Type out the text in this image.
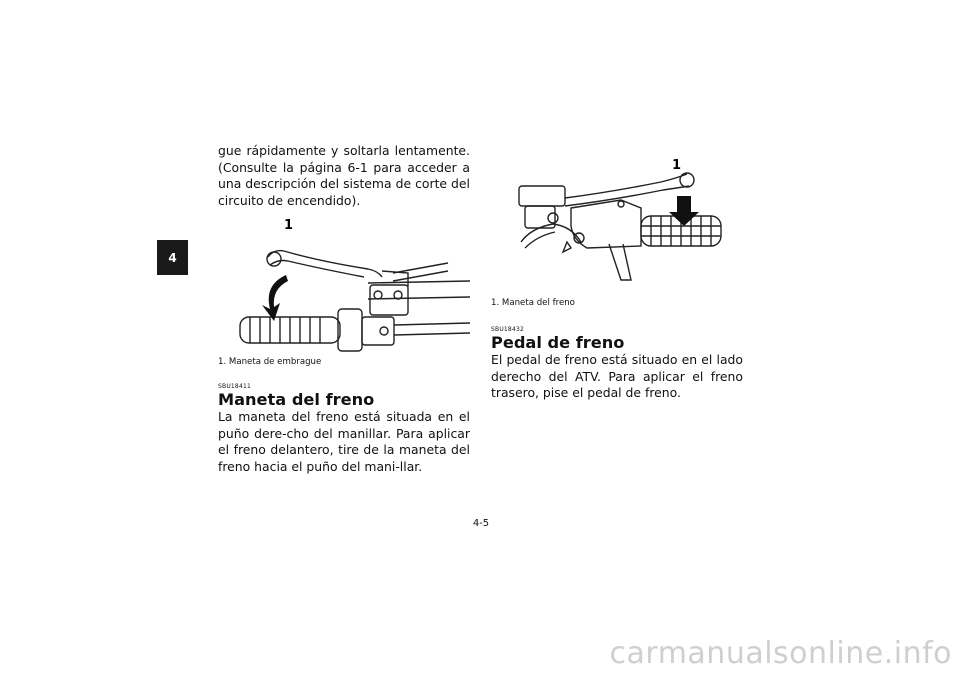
4

gue rápidamente y soltarla lentamente. (Consulte la página 6-1 para acceder a una descripción del sistema de corte del circuito de encendido).

1

1. Maneta de embrague

SBU18411

Maneta del freno

La maneta del freno está situada en el puño dere-cho del manillar. Para aplicar el freno delantero, tire de la maneta del freno hacia el puño del mani-llar.

1

1. Maneta del freno

SBU18432

Pedal de freno

El pedal de freno está situado en el lado derecho del ATV. Para aplicar el freno trasero, pise el pedal de freno.

4-5
carmanualsonline.info
